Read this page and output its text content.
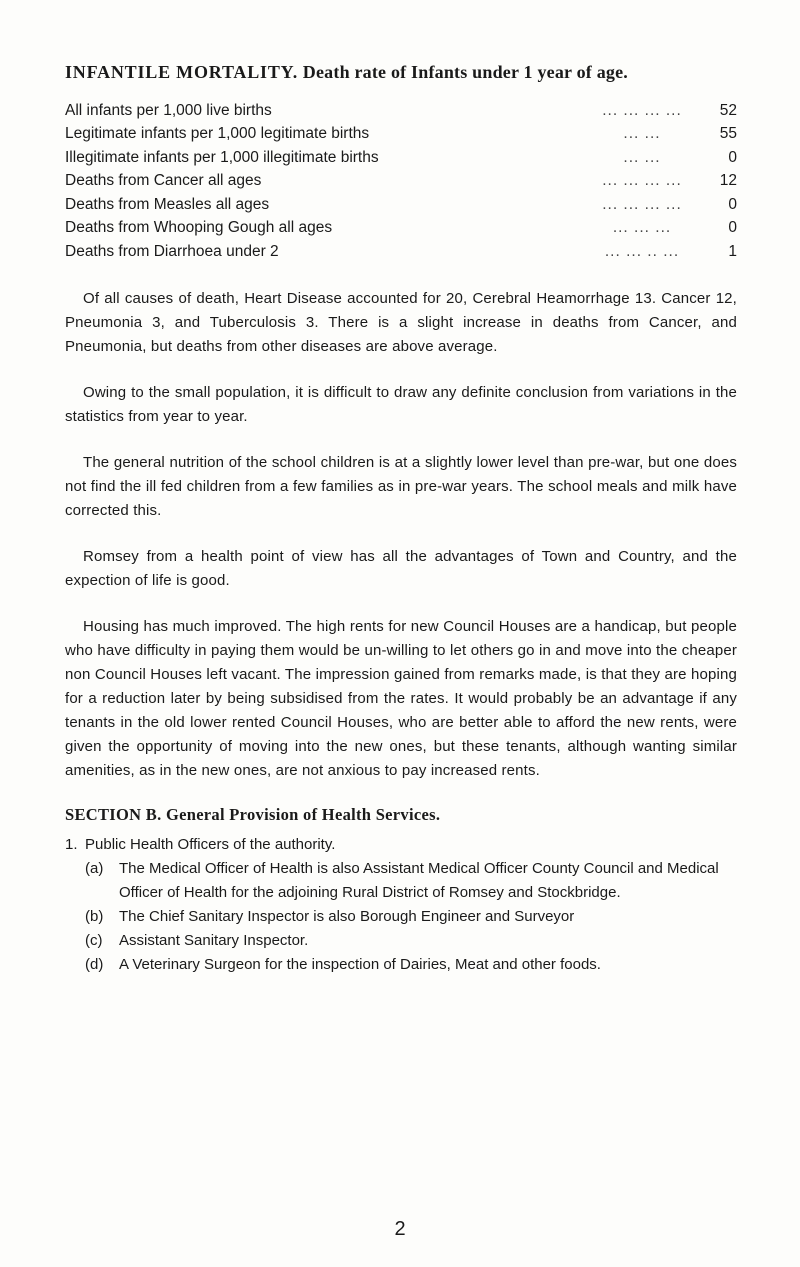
INFANTILE MORTALITY. Death rate of Infants under 1 year of age.
All infants per 1,000 live births	... ... ... ...	52
Legitimate infants per 1,000 legitimate births	... ...	55
Illegitimate infants per 1,000 illegitimate births	... ...	0
Deaths from Cancer all ages	... ... ... ...	12
Deaths from Measles all ages	... ... ... ...	0
Deaths from Whooping Gough all ages	... ... ...	0
Deaths from Diarrhoea under 2	... ... .. ...	1

Of all causes of death, Heart Disease accounted for 20, Cerebral Heamorrhage 13. Cancer 12, Pneumonia 3, and Tuberculosis 3. There is a slight increase in deaths from Cancer, and Pneumonia, but deaths from other diseases are above average.

Owing to the small population, it is difficult to draw any definite conclusion from variations in the statistics from year to year.

The general nutrition of the school children is at a slightly lower level than pre-war, but one does not find the ill fed children from a few families as in pre-war years. The school meals and milk have corrected this.

Romsey from a health point of view has all the advantages of Town and Country, and the expection of life is good.

Housing has much improved. The high rents for new Council Houses are a handicap, but people who have difficulty in paying them would be un-willing to let others go in and move into the cheaper non Council Houses left vacant. The impression gained from remarks made, is that they are hoping for a reduction later by being subsidised from the rates. It would probably be an advantage if any tenants in the old lower rented Council Houses, who are better able to afford the new rents, were given the opportunity of moving into the new ones, but these tenants, although wanting similar amenities, as in the new ones, are not anxious to pay increased rents.

SECTION B. General Provision of Health Services.
1. Public Health Officers of the authority.
(a)	The Medical Officer of Health is also Assistant Medical Officer County Council and Medical Officer of Health for the adjoining Rural District of Romsey and Stockbridge.
(b)	The Chief Sanitary Inspector is also Borough Engineer and Surveyor
(c)	Assistant Sanitary Inspector.
(d)	A Veterinary Surgeon for the inspection of Dairies, Meat and other foods.
2
